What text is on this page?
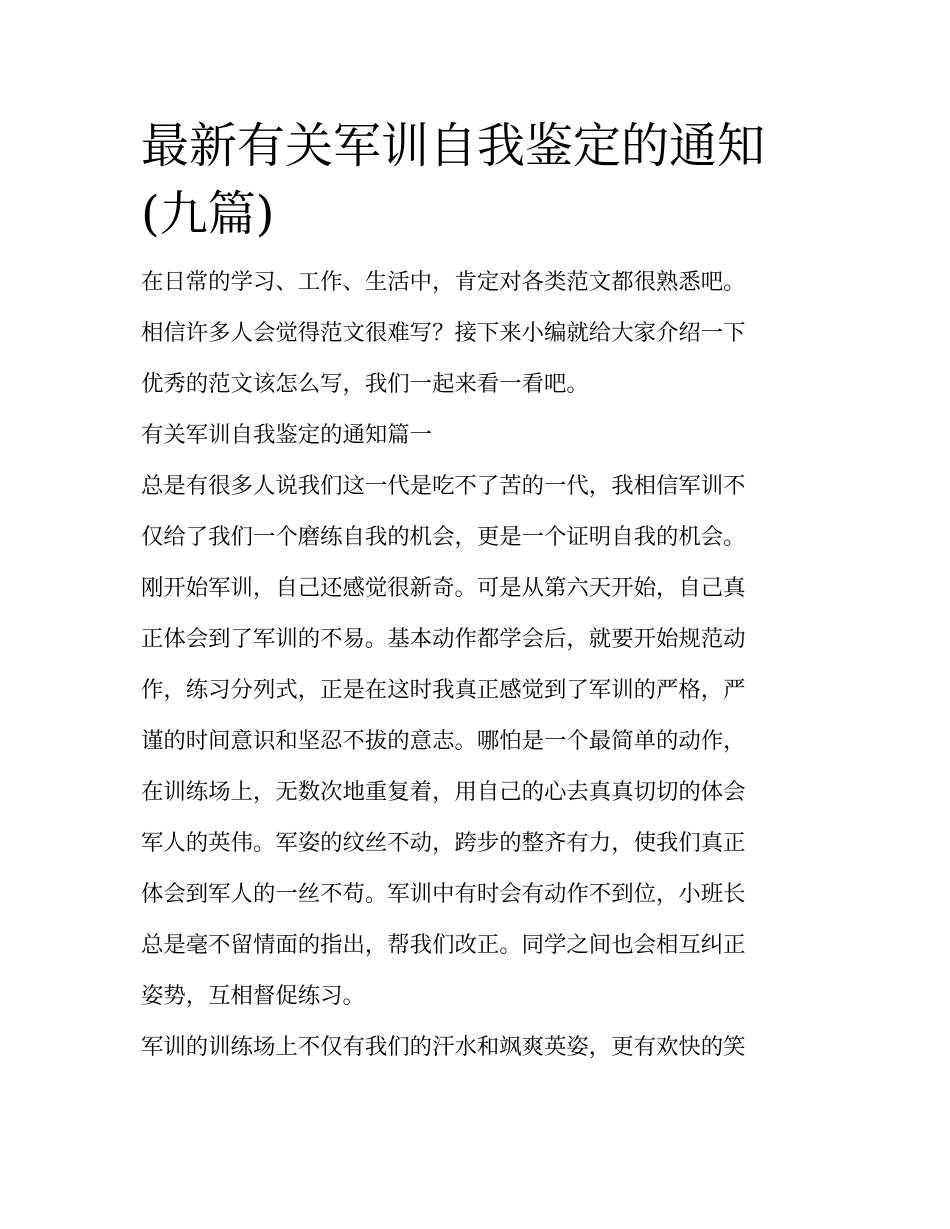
最新有关军训自我鉴定的通知
(九篇)

在日常的学习、工作、生活中，肯定对各类范文都很熟悉吧。
相信许多人会觉得范文很难写？接下来小编就给大家介绍一下
优秀的范文该怎么写，我们一起来看一看吧。

有关军训自我鉴定的通知篇一

总是有很多人说我们这一代是吃不了苦的一代，我相信军训不
仅给了我们一个磨练自我的机会，更是一个证明自我的机会。
刚开始军训，自己还感觉很新奇。可是从第六天开始，自己真
正体会到了军训的不易。基本动作都学会后，就要开始规范动
作，练习分列式，正是在这时我真正感觉到了军训的严格，严
谨的时间意识和坚忍不拔的意志。哪怕是一个最简单的动作，
在训练场上，无数次地重复着，用自己的心去真真切切的体会
军人的英伟。军姿的纹丝不动，跨步的整齐有力，使我们真正
体会到军人的一丝不苟。军训中有时会有动作不到位，小班长
总是毫不留情面的指出，帮我们改正。同学之间也会相互纠正
姿势，互相督促练习。

军训的训练场上不仅有我们的汗水和飒爽英姿，更有欢快的笑
